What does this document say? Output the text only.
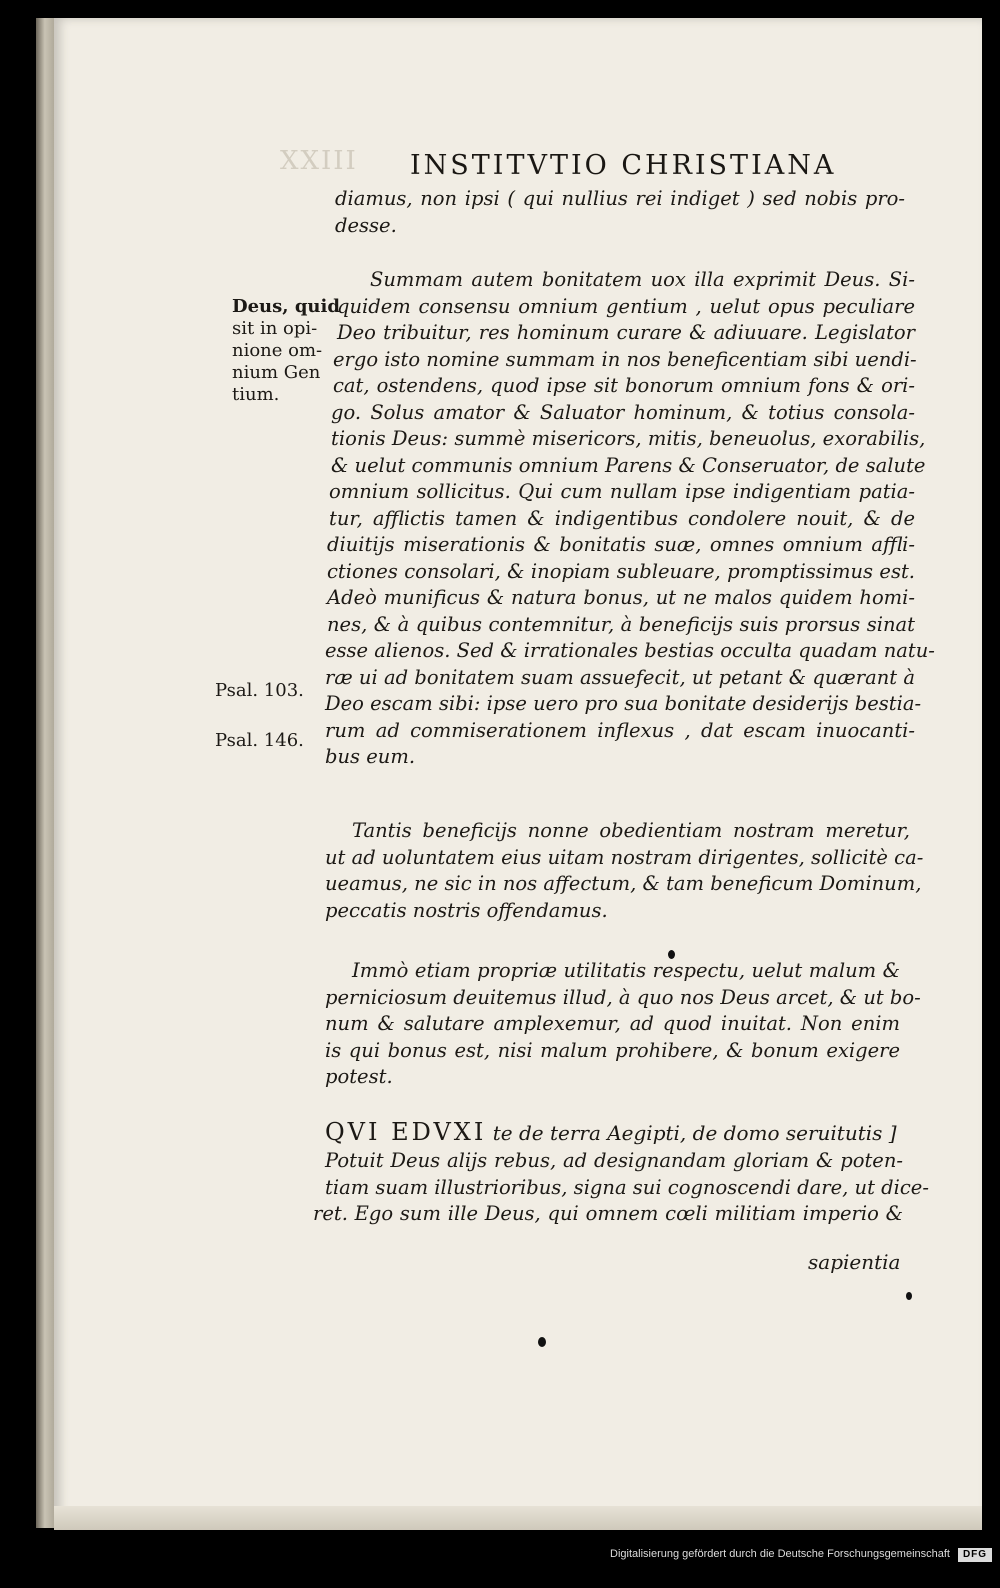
XXIII INSTITVTIO CHRISTIANA
diamus, non ipsi ( qui nullius rei indiget ) sed nobis pro-
desse.
Summam autem bonitatem uox illa exprimit Deus. Si-
quidem consensu omnium gentium , uelut opus peculiare
Deo tribuitur, res hominum curare & adiuuare. Legislator
ergo isto nomine summam in nos beneficentiam sibi uendi-
cat, ostendens, quod ipse sit bonorum omnium fons & ori-
go. Solus amator & Saluator hominum, & totius consola-
tionis Deus: summè misericors, mitis, beneuolus, exorabilis,
& uelut communis omnium Parens & Conseruator, de salute
omnium sollicitus. Qui cum nullam ipse indigentiam patia-
tur, afflictis tamen & indigentibus condolere nouit, & de
diuitijs miserationis & bonitatis suæ, omnes omnium affli-
ctiones consolari, & inopiam subleuare, promptissimus est.
Adeò munificus & natura bonus, ut ne malos quidem homi-
nes, & à quibus contemnitur, à beneficijs suis prorsus sinat
esse alienos. Sed & irrationales bestias occulta quadam natu-
ræ ui ad bonitatem suam assuefecit, ut petant & quærant à
Deo escam sibi: ipse uero pro sua bonitate desiderijs bestia-
rum ad commiserationem inflexus , dat escam inuocanti-
bus eum.
Tantis beneficijs nonne obedientiam nostram meretur,
ut ad uoluntatem eius uitam nostram dirigentes, sollicitè ca-
ueamus, ne sic in nos affectum, & tam beneficum Dominum,
peccatis nostris offendamus.
Immò etiam propriæ utilitatis respectu, uelut malum &
perniciosum deuitemus illud, à quo nos Deus arcet, & ut bo-
num & salutare amplexemur, ad quod inuitat. Non enim
is qui bonus est, nisi malum prohibere, & bonum exigere
potest.
QVI EDVXI te de terra Aegipti, de domo seruitutis ]
Potuit Deus alijs rebus, ad designandam gloriam & poten-
tiam suam illustrioribus, signa sui cognoscendi dare, ut dice-
ret. Ego sum ille Deus, qui omnem cœli militiam imperio &
sapientia
Deus, quid
sit in opi-
nione om-
nium Gen
tium.
Psal. 103.
Psal. 146.
Digitalisierung gefördert durch die Deutsche Forschungsgemeinschaft	DFG
